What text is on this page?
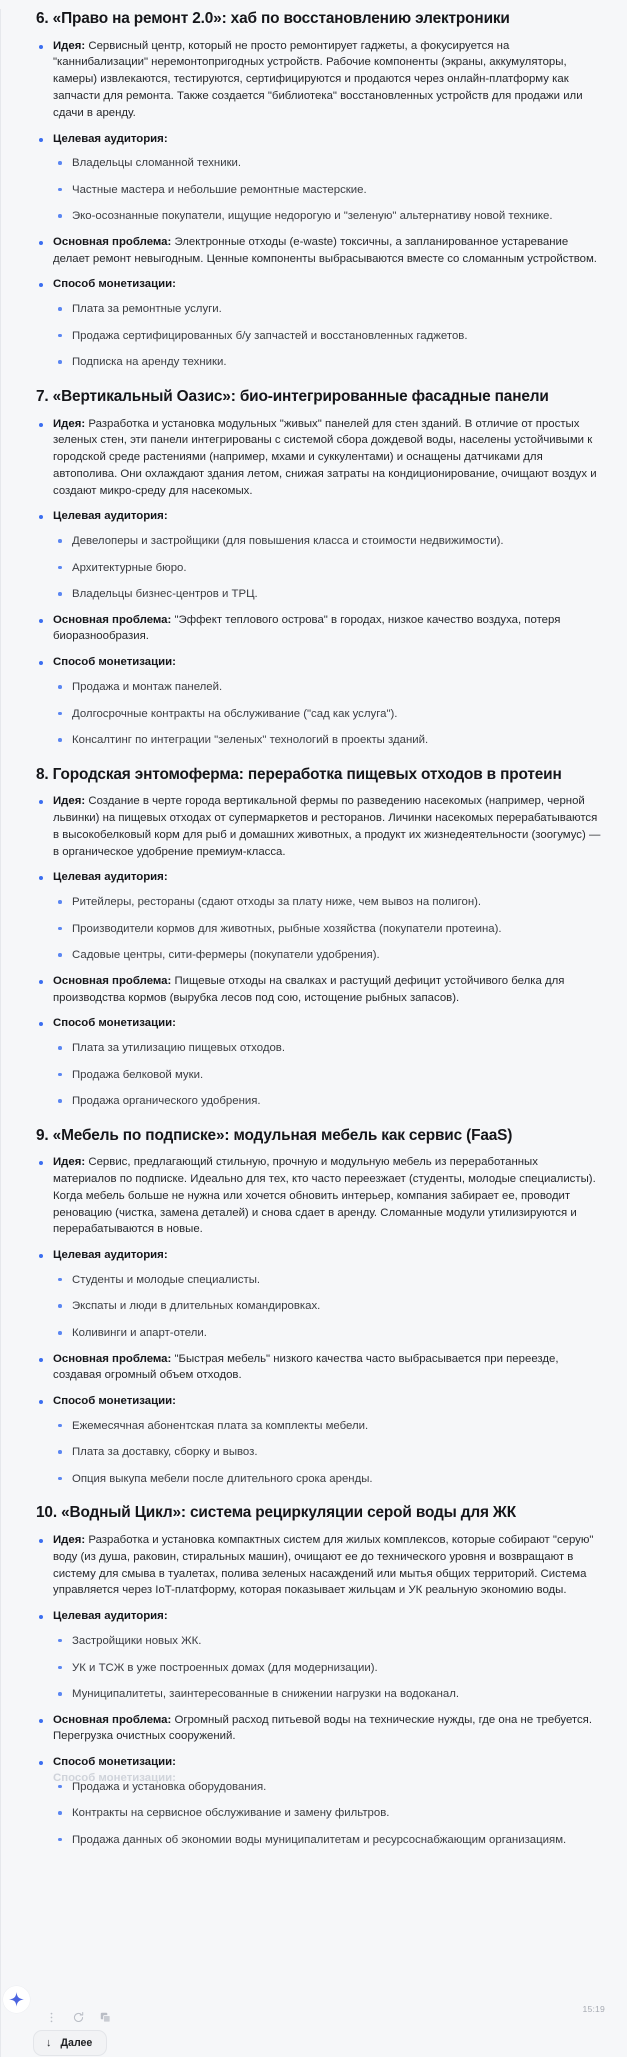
6. «Право на ремонт 2.0»: хаб по восстановлению электроники
Идея: Сервисный центр, который не просто ремонтирует гаджеты, а фокусируется на "каннибализации" неремонтопригодных устройств. Рабочие компоненты (экраны, аккумуляторы, камеры) извлекаются, тестируются, сертифицируются и продаются через онлайн-платформу как запчасти для ремонта. Также создается "библиотека" восстановленных устройств для продажи или сдачи в аренду.
Целевая аудитория:
Владельцы сломанной техники.
Частные мастера и небольшие ремонтные мастерские.
Эко-осознанные покупатели, ищущие недорогую и "зеленую" альтернативу новой технике.
Основная проблема: Электронные отходы (e-waste) токсичны, а запланированное устаревание делает ремонт невыгодным. Ценные компоненты выбрасываются вместе со сломанным устройством.
Способ монетизации:
Плата за ремонтные услуги.
Продажа сертифицированных б/у запчастей и восстановленных гаджетов.
Подписка на аренду техники.
7. «Вертикальный Оазис»: био-интегрированные фасадные панели
Идея: Разработка и установка модульных "живых" панелей для стен зданий. В отличие от простых зеленых стен, эти панели интегрированы с системой сбора дождевой воды, населены устойчивыми к городской среде растениями (например, мхами и суккулентами) и оснащены датчиками для автополива. Они охлаждают здания летом, снижая затраты на кондиционирование, очищают воздух и создают микро-среду для насекомых.
Целевая аудитория:
Девелоперы и застройщики (для повышения класса и стоимости недвижимости).
Архитектурные бюро.
Владельцы бизнес-центров и ТРЦ.
Основная проблема: "Эффект теплового острова" в городах, низкое качество воздуха, потеря биоразнообразия.
Способ монетизации:
Продажа и монтаж панелей.
Долгосрочные контракты на обслуживание ("сад как услуга").
Консалтинг по интеграции "зеленых" технологий в проекты зданий.
8. Городская энтомоферма: переработка пищевых отходов в протеин
Идея: Создание в черте города вертикальной фермы по разведению насекомых (например, черной львинки) на пищевых отходах от супермаркетов и ресторанов. Личинки насекомых перерабатываются в высокобелковый корм для рыб и домашних животных, а продукт их жизнедеятельности (зоогумус) — в органическое удобрение премиум-класса.
Целевая аудитория:
Ритейлеры, рестораны (сдают отходы за плату ниже, чем вывоз на полигон).
Производители кормов для животных, рыбные хозяйства (покупатели протеина).
Садовые центры, сити-фермеры (покупатели удобрения).
Основная проблема: Пищевые отходы на свалках и растущий дефицит устойчивого белка для производства кормов (вырубка лесов под сою, истощение рыбных запасов).
Способ монетизации:
Плата за утилизацию пищевых отходов.
Продажа белковой муки.
Продажа органического удобрения.
9. «Мебель по подписке»: модульная мебель как сервис (FaaS)
Идея: Сервис, предлагающий стильную, прочную и модульную мебель из переработанных материалов по подписке. Идеально для тех, кто часто переезжает (студенты, молодые специалисты). Когда мебель больше не нужна или хочется обновить интерьер, компания забирает ее, проводит реновацию (чистка, замена деталей) и снова сдает в аренду. Сломанные модули утилизируются и перерабатываются в новые.
Целевая аудитория:
Студенты и молодые специалисты.
Экспаты и люди в длительных командировках.
Коливинги и апарт-отели.
Основная проблема: "Быстрая мебель" низкого качества часто выбрасывается при переезде, создавая огромный объем отходов.
Способ монетизации:
Ежемесячная абонентская плата за комплекты мебели.
Плата за доставку, сборку и вывоз.
Опция выкупа мебели после длительного срока аренды.
10. «Водный Цикл»: система рециркуляции серой воды для ЖК
Идея: Разработка и установка компактных систем для жилых комплексов, которые собирают "серую" воду (из душа, раковин, стиральных машин), очищают ее до технического уровня и возвращают в систему для смыва в туалетах, полива зеленых насаждений или мытья общих территорий. Система управляется через IoT-платформу, которая показывает жильцам и УК реальную экономию воды.
Целевая аудитория:
Застройщики новых ЖК.
УК и ТСЖ в уже построенных домах (для модернизации).
Муниципалитеты, заинтересованные в снижении нагрузки на водоканал.
Основная проблема: Огромный расход питьевой воды на технические нужды, где она не требуется. Перегрузка очистных сооружений.
Способ монетизации:
Продажа и установка оборудования.
Контракты на сервисное обслуживание и замену фильтров.
Продажа данных об экономии воды муниципалитетам и ресурсоснабжающим организациям.
Способ монетизации:
15:19
↓ Далее
